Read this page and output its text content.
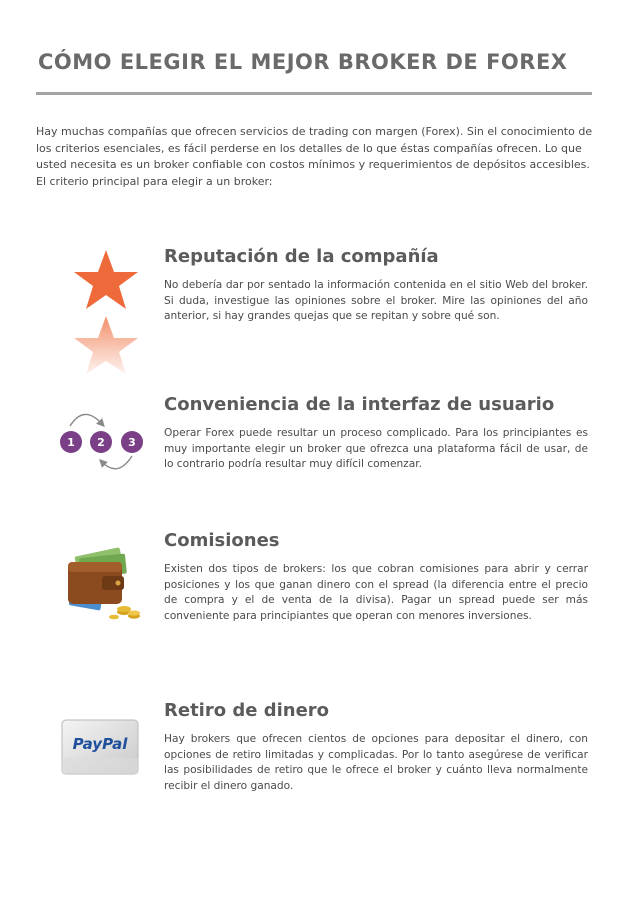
CÓMO ELEGIR EL MEJOR BROKER DE FOREX

Hay muchas compañías que ofrecen servicios de trading con margen (Forex). Sin el conocimiento de los criterios esenciales, es fácil perderse en los detalles de lo que éstas compañías ofrecen. Lo que usted necesita es un broker confiable con costos mínimos y requerimientos de depósitos accesibles. El criterio principal para elegir a un broker:

Reputación de la compañía

No debería dar por sentado la información contenida en el sitio Web del broker. Si duda, investigue las opiniones sobre el broker. Mire las opiniones del año anterior, si hay grandes quejas que se repitan y sobre qué son.

1 2 3
Conveniencia de la interfaz de usuario

Operar Forex puede resultar un proceso complicado. Para los principiantes es muy importante elegir un broker que ofrezca una plataforma fácil de usar, de lo contrario podría resultar muy difícil comenzar.

Comisiones

Existen dos tipos de brokers: los que cobran comisiones para abrir y cerrar posiciones y los que ganan dinero con el spread (la diferencia entre el precio de compra y el de venta de la divisa). Pagar un spread puede ser más conveniente para principiantes que operan con menores inversiones.

PayPal
Retiro de dinero

Hay brokers que ofrecen cientos de opciones para depositar el dinero, con opciones de retiro limitadas y complicadas. Por lo tanto asegúrese de verificar las posibilidades de retiro que le ofrece el broker y cuánto lleva normalmente recibir el dinero ganado.
